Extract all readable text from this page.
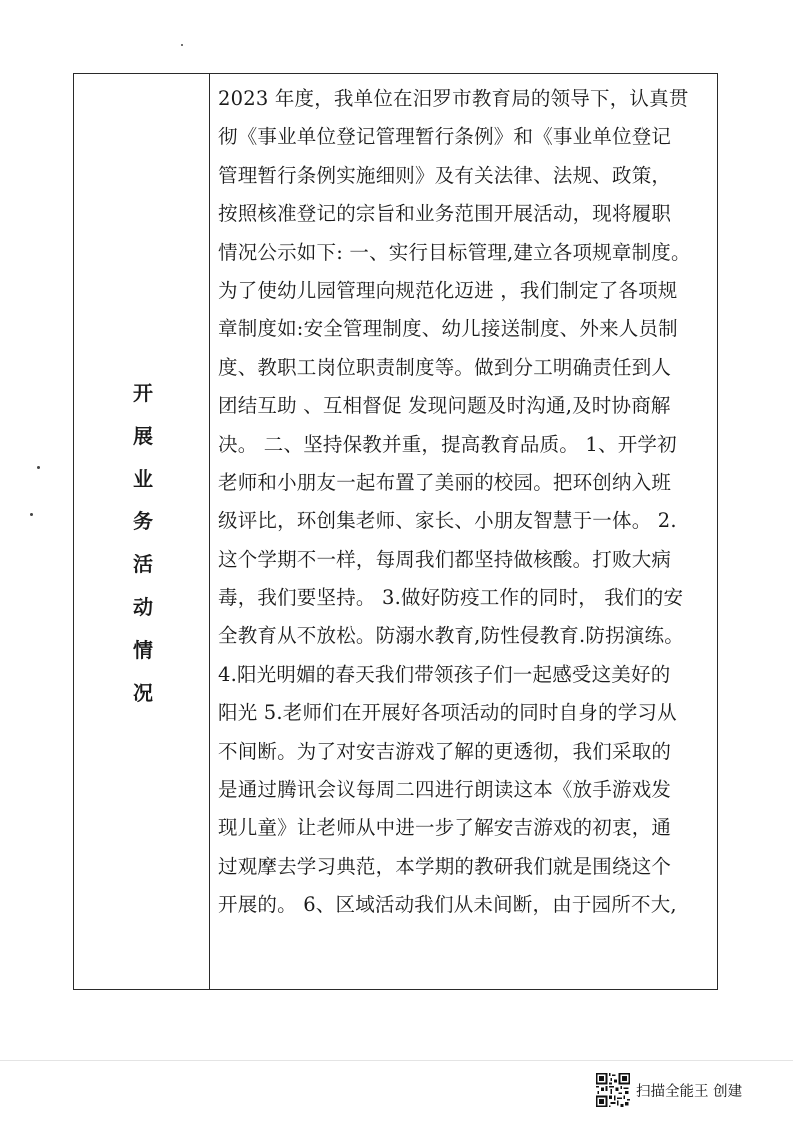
开
展
业
务
活
动
情
况
2023 年度，我单位在汨罗市教育局的领导下，认真贯
彻《事业单位登记管理暂行条例》和《事业单位登记
管理暂行条例实施细则》及有关法律、法规、政策，
按照核准登记的宗旨和业务范围开展活动，现将履职
情况公示如下: 一、实行目标管理,建立各项规章制度。
为了使幼儿园管理向规范化迈进 ，我们制定了各项规
章制度如:安全管理制度、幼儿接送制度、外来人员制
度、教职工岗位职责制度等。做到分工明确责任到人
团结互助 、互相督促 发现问题及时沟通,及时协商解
决。 二、坚持保教并重，提高教育品质。 1、开学初
老师和小朋友一起布置了美丽的校园。把环创纳入班
级评比，环创集老师、家长、小朋友智慧于一体。 2.
这个学期不一样，每周我们都坚持做核酸。打败大病
毒，我们要坚持。 3.做好防疫工作的同时， 我们的安
全教育从不放松。防溺水教育,防性侵教育.防拐演练。
4.阳光明媚的春天我们带领孩子们一起感受这美好的
阳光 5.老师们在开展好各项活动的同时自身的学习从
不间断。为了对安吉游戏了解的更透彻，我们采取的
是通过腾讯会议每周二四进行朗读这本《放手游戏发
现儿童》让老师从中进一步了解安吉游戏的初衷，通
过观摩去学习典范，本学期的教研我们就是围绕这个
开展的。 6、区域活动我们从未间断，由于园所不大,
扫描全能王 创建
